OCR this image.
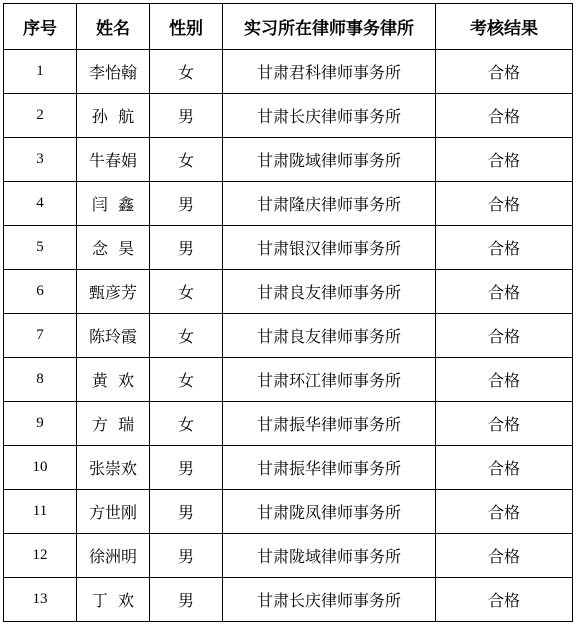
序号	姓名	性别	实习所在律师事务律所	考核结果
1	李怡翰	女	甘肃君科律师事务所	合格
2	孙  航	男	甘肃长庆律师事务所	合格
3	牛春娟	女	甘肃陇域律师事务所	合格
4	闫  鑫	男	甘肃隆庆律师事务所	合格
5	念  昊	男	甘肃银汉律师事务所	合格
6	甄彦芳	女	甘肃良友律师事务所	合格
7	陈玲霞	女	甘肃良友律师事务所	合格
8	黄  欢	女	甘肃环江律师事务所	合格
9	方  瑞	女	甘肃振华律师事务所	合格
10	张崇欢	男	甘肃振华律师事务所	合格
11	方世刚	男	甘肃陇凤律师事务所	合格
12	徐洲明	男	甘肃陇域律师事务所	合格
13	丁  欢	男	甘肃长庆律师事务所	合格
